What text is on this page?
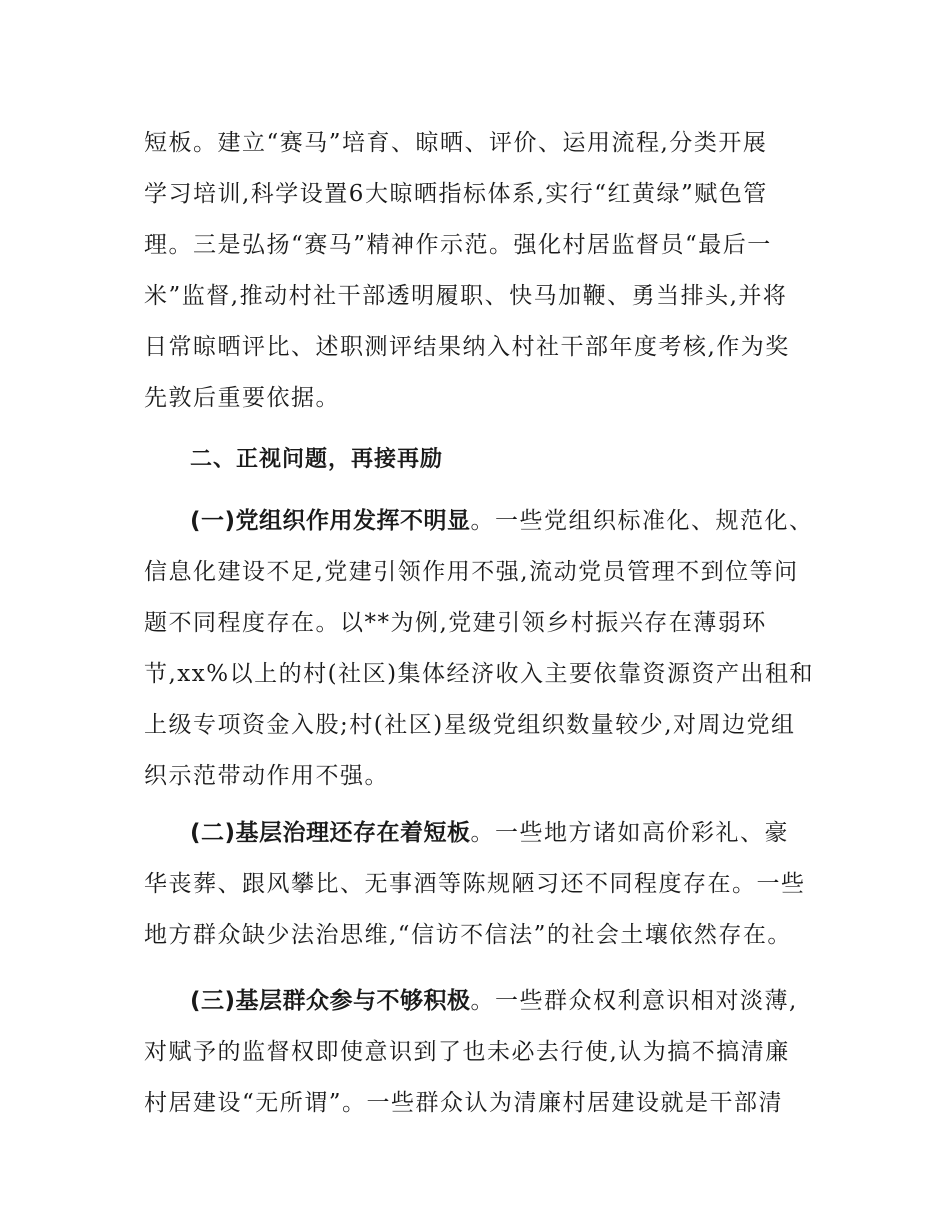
短板。建立“赛马”培育、晾晒、评价、运用流程,分类开展
学习培训,科学设置6大晾晒指标体系,实行“红黄绿”赋色管
理。三是弘扬“赛马”精神作示范。强化村居监督员“最后一
米”监督,推动村社干部透明履职、快马加鞭、勇当排头,并将
日常晾晒评比、述职测评结果纳入村社干部年度考核,作为奖
先敦后重要依据。
二、正视问题，再接再励
(一)党组织作用发挥不明显。一些党组织标准化、规范化、
信息化建设不足,党建引领作用不强,流动党员管理不到位等问
题不同程度存在。以**为例,党建引领乡村振兴存在薄弱环
节,xx%以上的村(社区)集体经济收入主要依靠资源资产出租和
上级专项资金入股;村(社区)星级党组织数量较少,对周边党组
织示范带动作用不强。
(二)基层治理还存在着短板。一些地方诸如高价彩礼、豪
华丧葬、跟风攀比、无事酒等陈规陋习还不同程度存在。一些
地方群众缺少法治思维,“信访不信法”的社会土壤依然存在。
(三)基层群众参与不够积极。一些群众权利意识相对淡薄,
对赋予的监督权即使意识到了也未必去行使,认为搞不搞清廉
村居建设“无所谓”。一些群众认为清廉村居建设就是干部清
